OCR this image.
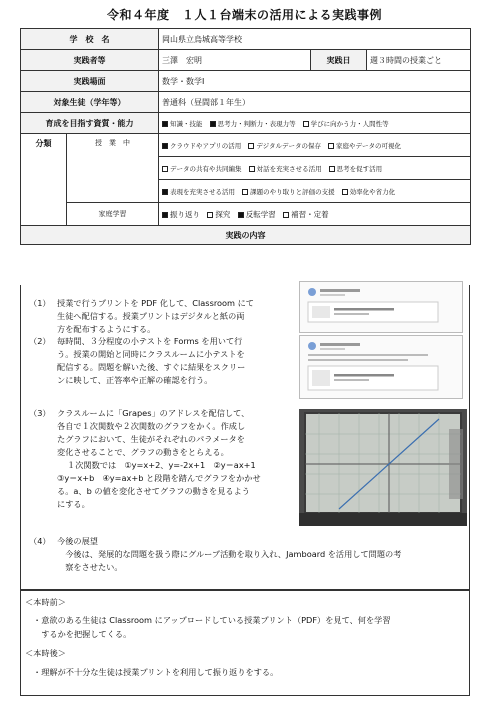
令和４年度　１人１台端末の活用による実践事例
学　校　名		岡山県立烏城高等学校		
実践者等		三澤　宏明	実践日	週３時間の授業ごと
実践場面		数学・数学Ⅰ		
対象生徒（学年等）		普通科（昼間部１年生）		
育成を目指す資質・能力		知識・技能 思考力・判断力・表現力等 学びに向かう力・人間性等		
分類	授　業　中	クラウドやアプリの活用 デジタルデータの保存 家庭やデータの可視化		
		データの共有や共同編集 対話を充実させる活用 思考を促す活用		
		表現を充実させる活用 課題のやり取りと評価の支援 効率化や省力化		
	家庭学習	振り返り 探究 反転学習 補習・定着		
実践の内容				
（1） 授業で行うプリントを PDF 化して、Classroom にて
生徒へ配信する。授業プリントはデジタルと紙の両
方を配布するようにする。
（2） 毎時間、３分程度の小テストを Forms を用いて行
う。授業の開始と同時にクラスルームに小テストを
配信する。問題を解いた後、すぐに結果をスクリー
ンに映して、正答率や正解の確認を行う。
（3） クラスルームに「Grapes」のアドレスを配信して、
各自で１次関数や２次関数のグラフをかく。作成し
たグラフにおいて、生徒がそれぞれのパラメータを
変化させることで、グラフの動きをとらえる。
１次関数では　①y=x+2、y=-2x+1　②y＝ax+1
③y＝x+b　④y=ax+b と段階を踏んでグラフをかかせ
る。a、b の値を変化させてグラフの動きを見るよう
にする。
（4） 今後の展望
　今後は、発展的な問題を扱う際にグループ活動を取り入れ、Jamboard を活用して問題の考
　察をさせたい。
＜本時前＞
・意欲のある生徒は Classroom にアップロードしている授業プリント（PDF）を見て、何を学習
　するかを把握してくる。
＜本時後＞
・理解が不十分な生徒は授業プリントを利用して振り返りをする。
